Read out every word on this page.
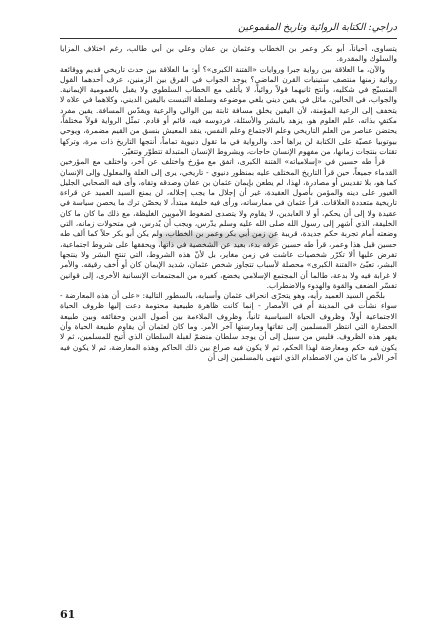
دراجي: الكتابة الروائية وتاريخ المقموعين

يتساوى، أحياناً، أبو بكر وعمر بن الخطاب وعثمان بن عفان وعلي بن أبي طالب، رغم اختلاف المزايا والسلوك والمقدرة.

والآن، ما العلاقة بين رواية جبرا وروايات «الفتنة الكبرى»؟ أو: ما العلاقة بين حدث تاريخي قديم ووقائعة روائية زمنها منتصف ستينيات القرن الماضي؟ يوجد الجواب في الفرق بين الزمنين، عرف أحدهما القول المتسيّج في شكليه، وأنتج ثانيهما قولاً روائياً، لا يأتلف مع الخطاب السلطوي ولا يقبل بالعمومية الإيمانية. والجواب، في الحالين، ماثل في يقين ديني يلغي موضوعه وسلطة التبست باليقين الديني، وكلاهما في علاه لا يتخفف إلى الرعية المؤمنة، لأن اليقين يخلق مسافة ثابتة بين الوالي والرعية ويقدّس المسافة. يقين مفرد مكتفٍ بذاته، علم العلوم هو، يزهد بالبشر والأسئلة، فردوسه فيه، قائم أو قادم. تمثّل الرواية قولاً مختلفاً، يحتضن عناصر من العلم التاريخي وعلم الاجتماع وعلم النفس، ينقد المعيش بنسق من القيم مضمرة، ويوحي بيوتوبيا عصيّة على الكتابة لن يراها أحد. والرواية في ما تقول دنيوية تماماً، أنتجها التاريخ ذات مرة، وتركها تقتات بنتجات زمانها، من مفهوم الإنسان حاجات، ويشروط الإنسان المتبدلة تتطوّر وتتغيّر.

قرأ طه حسين في «إسلامياته» الفتنة الكبرى، اتفق مع مؤرخ واختلف عن آخر، واختلف مع المؤرخين القدماء جميعاً، حين قرأ التاريخ المختلف عليه بمنظور دنيوي - تاريخي، يرى إلى العلة والمعلول وإلى الإنسان كما هو، بلا تقديس أو مصادرة، لهذا، لم يطعن بإيمان عثمان بن عفان وصدقه وتقاه، وأى فيه الصحابي الجليل الغيور على دينه والمؤمن بأصول العقيدة، غير أن إجلال ما يجب إجلاله، لن يمنع السيد العميد عن قراءة تاريخية متعددة العلاقات. قرأ عثمان في ممارساته، ورأى فيه خليفة مبتدأ، لا يحصّن ترك ما يحصن سياسة في عقيدة ولا إلى أن يحكم، أو لا العابدين، لا يقاوم ولا يتصدى لضغوط الأمويين الغليظة، مع ذلك ما كان ما كان الخليفة، الذي أشهر إلى رسول الله صلى الله عليه وسلم يدّرس، ويجب أن يُدرس، في متحولات زمانه، التي وضعته أمام تجربة حكم جديدة، قريبة عن زمن أبي بكر وعمر بن الخطاب، ولم يكن أبو بكر حلاً كما ألف طه حسين قبل هذا وعمر، قرأ طه حسين عرفه بدء، بعيد عن الشخصية في ذاتها، ويحققها على شروط اجتماعية، تفرض عليها ألا تكرّر شخصيات عاشت في زمن مغاير، بل لأنّ هذه الشروط، التي تنتج البشر ولا ينتجها البشر، تعبّئ «الفتنة الكبرى» محصلة لأسباب تتجاوز شخص عثمان، شديد الإيمان كان أو أخف رقيقه. والأمر لا غرابة فيه ولا بدعة، طالما أن المجتمع الإسلامي يخضع، كغيره من المجتمعات الإنسانية الأخرى، إلى قوانين تفسّر الضعف والقوة والهدوء والاضطراب.

بلخّص السيد العميد رأيه، وهو يتحرّى انحراف عثمان وأسبابه، بالسطور التالية: «على أن هذه المعارضة - سواء نشأت في المدينة أم في الأمصار - إنما كانت ظاهرة طبيعية محتومة دعت إليها ظروف الحياة الاجتماعية أولاً، وظروف الحياة السياسية ثانياً، وظروف الملاءمة بين أصول الدين وحقائقه وبين طبيعة الحضارة التي انتظر المسلمين إلى تقاتها ومارستها آخر الأمر. وما كان لعثمان أن يقاوم طبيعة الحياة وأن يقهر هذه الظروف. فليس من سبيل إلى أن يوجد سلطان منضمّ لقبلة السلطان الذي أتيح للمسلمين، ثم لا يكون فيه حكم ومعارضة لهذا الحكم، ثم لا يكون فيه صراع بين ذلك الحاكم وهذه المعارضة، ثم لا يكون فيه آخر الأمر ما كان من الاصطدام الذي انتهى بالمسلمين إلى أن

61
